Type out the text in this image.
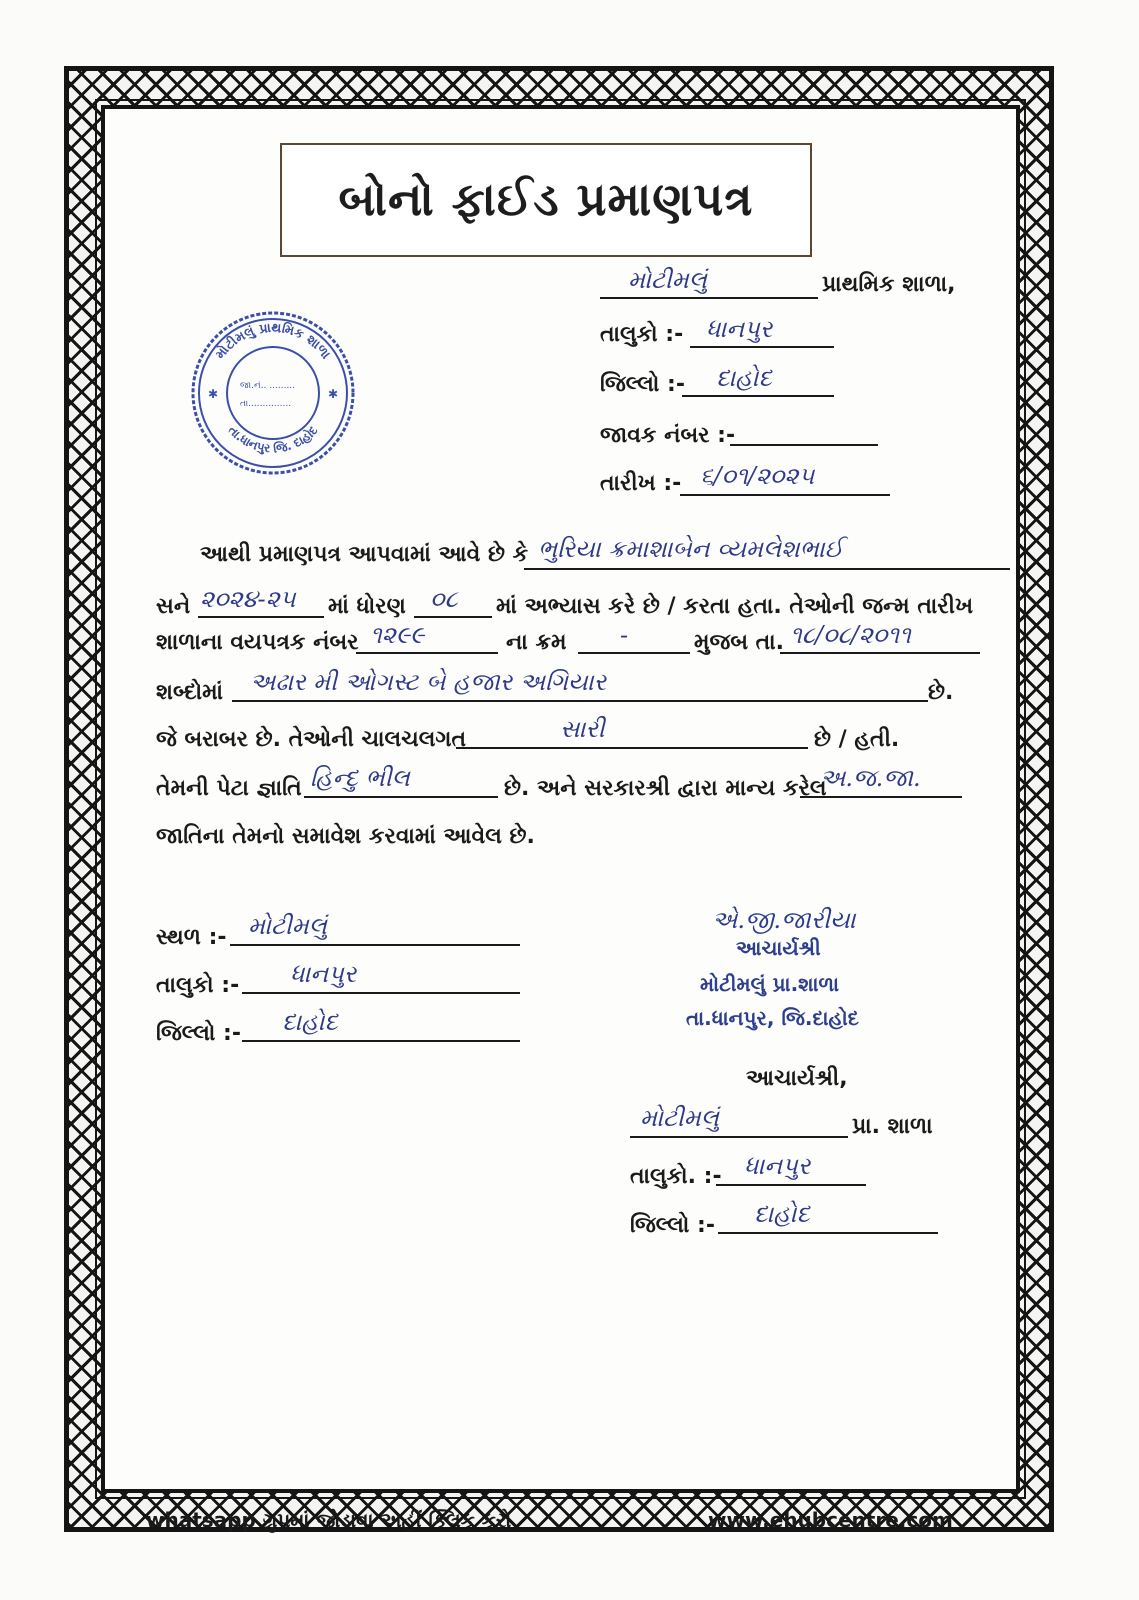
બોનો ફાઈડ પ્રમાણપત્ર
મોટીમલું	પ્રાથમિક શાળા,
તાલુકો :- ધાનપુર
જિલ્લો :- દાહોદ
જાવક નંબર :-
તારીખ :- ૬/૦૧/૨૦૨૫
મોટીમલું પ્રાથમિક શાળા
તા.ધાનપુર જિ. દાહોદ
✱	✱
જા.નં.. .........
તા...............
આથી પ્રમાણપત્ર આપવામાં આવે છે કે ભુરિયા ક્રમાશાબેન વ્યમલેશભાઈ
સને ૨૦૨૪-૨૫ માં ધોરણ ૦૮ માં અભ્યાસ કરે છે / કરતા હતા. તેઓની જન્મ તારીખ
શાળાના વયપત્રક નંબર ૧૨૯૯	ના ક્રમ -	મુજબ તા. ૧૮/૦૮/૨૦૧૧
શબ્દોમાં અઢાર મી ઓગસ્ટ બે હજાર અગિયાર	છે.
જે બરાબર છે. તેઓની ચાલચલગત	સારી	છે / હતી.
તેમની પેટા જ્ઞાતિ હિન્દુ ભીલ	છે. અને સરકારશ્રી દ્વારા માન્ય કરેલ
અ.જ.જા.
જાતિના તેમનો સમાવેશ કરવામાં આવેલ છે.
સ્થળ :- મોટીમલું
તાલુકો :- ધાનપુર
જિલ્લો :- દાહોદ
એ.જી.જારીયા
આચાર્યશ્રી
મોટીમલું પ્રા.શાળા
તા.ધાનપુર, જિ.દાહોદ
આચાર્યશ્રી,
મોટીમલું	પ્રા. શાળા
તાલુકો. :- ધાનપુર
જિલ્લો :- દાહોદ
whatsapp ગ્રુપમાં જોડાવા અહીં ક્લિક કરો	www.ehubcentre.com
